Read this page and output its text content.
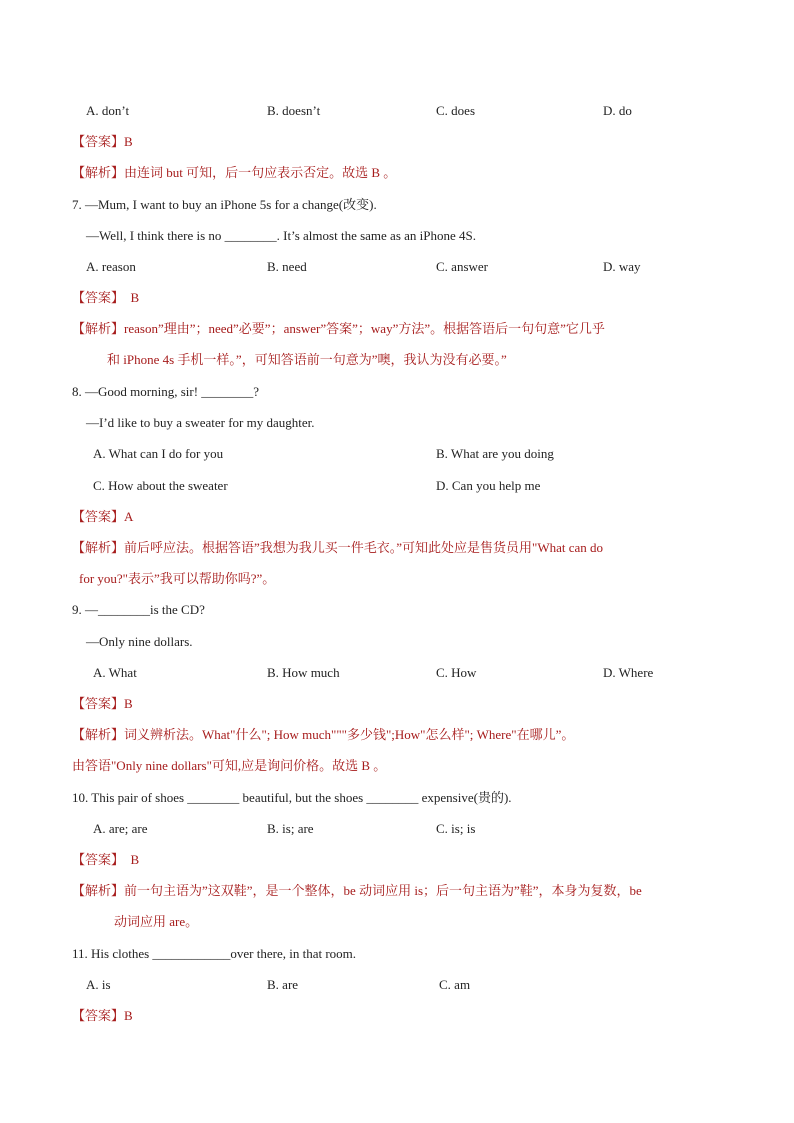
A. don’t	B. doesn’t	C. does	D. do
【答案】B
【解析】由连词 but 可知，后一句应表示否定。故选 B 。
7. —Mum, I want to buy an iPhone 5s for a change(改变).
—Well, I think there is no ________. It’s almost the same as an iPhone 4S.
A. reason	B. need	C. answer	D. way
【答案】 B
【解析】reason”理由”；need”必要”；answer”答案”；way”方法”。根据答语后一句句意”它几乎
和 iPhone 4s 手机一样。”，可知答语前一句意为”噢，我认为没有必要。”
8. —Good morning, sir! ________?
—I’d like to buy a sweater for my daughter.
A. What can I do for you	B. What are you doing
C. How about the sweater	D. Can you help me
【答案】A
【解析】前后呼应法。根据答语”我想为我儿买一件毛衣。”可知此处应是售货员用"What can do
for you?"表示”我可以帮助你吗?”。
9. —________is the CD?
—Only nine dollars.
A. What	B. How much	C. How	D. Where
【答案】B
【解析】词义辨析法。What"什么"; How much"""多少钱";How"怎么样"; Where"在哪儿”。
由答语"Only nine dollars"可知,应是询问价格。故选 B 。
10. This pair of shoes ________ beautiful, but the shoes ________ expensive(贵的).
A. are; are	B. is; are	C. is; is
【答案】 B
【解析】前一句主语为”这双鞋”，是一个整体，be 动词应用 is；后一句主语为”鞋”，本身为复数，be
动词应用 are。
11. His clothes ____________over there, in that room.
A. is	B. are	C. am
【答案】B
